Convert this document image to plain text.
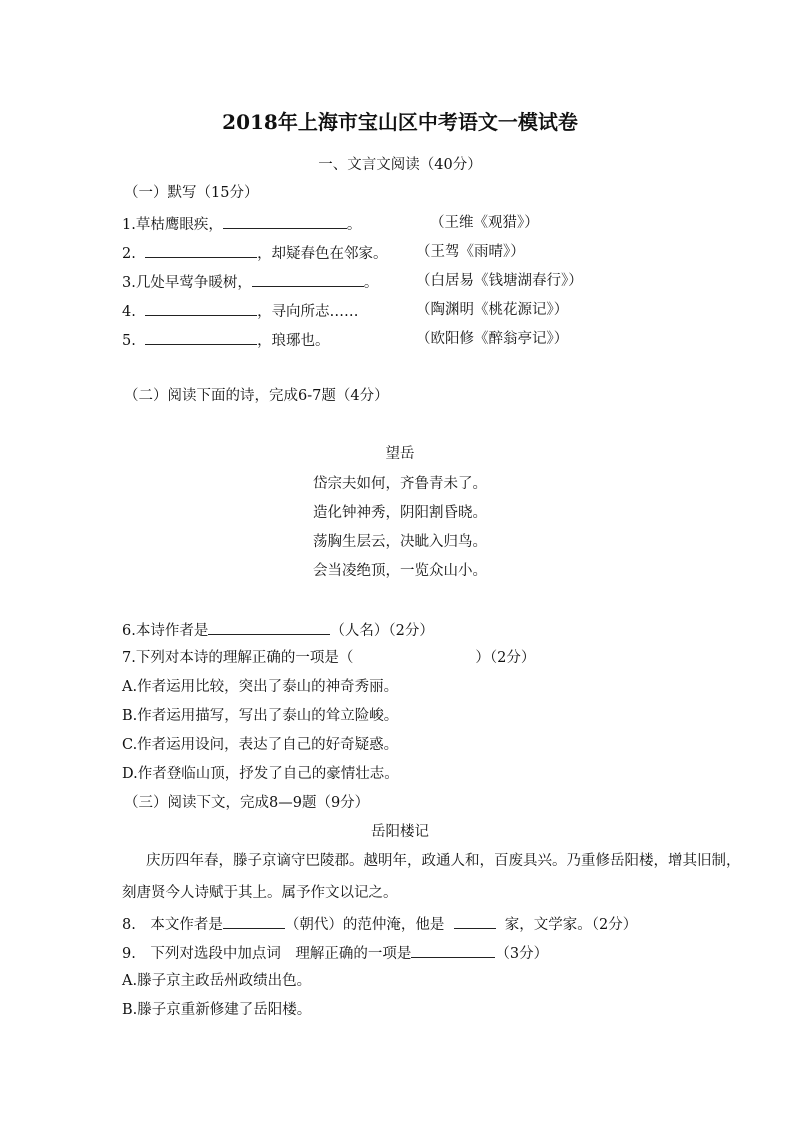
2018年上海市宝山区中考语文一模试卷
一、文言文阅读（40分）
（一）默写（15分）
1.草枯鹰眼疾，	。	（王维《观猎》）
2.	，却疑春色在邻家。 （王驾《雨晴》）
3.几处早莺争暖树，	。	（白居易《钱塘湖春行》）
4.	，寻向所志……	（陶渊明《桃花源记》）
5.	，琅琊也。	（欧阳修《醉翁亭记》）
（二）阅读下面的诗，完成6-7题（4分）
望岳
岱宗夫如何，齐鲁青未了。
造化钟神秀，阴阳割昏晓。
荡胸生层云，决眦入归鸟。
会当凌绝顶，一览众山小。
6.本诗作者是	（人名）（2分）
7.下列对本诗的理解正确的一项是（	）（2分）
A.作者运用比较，突出了泰山的神奇秀丽。
B.作者运用描写，写出了泰山的耸立险峻。
C.作者运用设问，表达了自己的好奇疑惑。
D.作者登临山顶，抒发了自己的豪情壮志。
（三）阅读下文，完成8—9题（9分）
岳阳楼记
庆历四年春，滕子京谪守巴陵郡。越明年，政通人和，百废具兴。乃重修岳阳楼，增其旧制，
刻唐贤今人诗赋于其上。属予作文以记之。
8.　本文作者是	（朝代）的范仲淹，他是	家，文学家。（2分）
9.　下列对选段中加点词　理解正确的一项是	（3分）
A.滕子京主政岳州政绩出色。
B.滕子京重新修建了岳阳楼。
